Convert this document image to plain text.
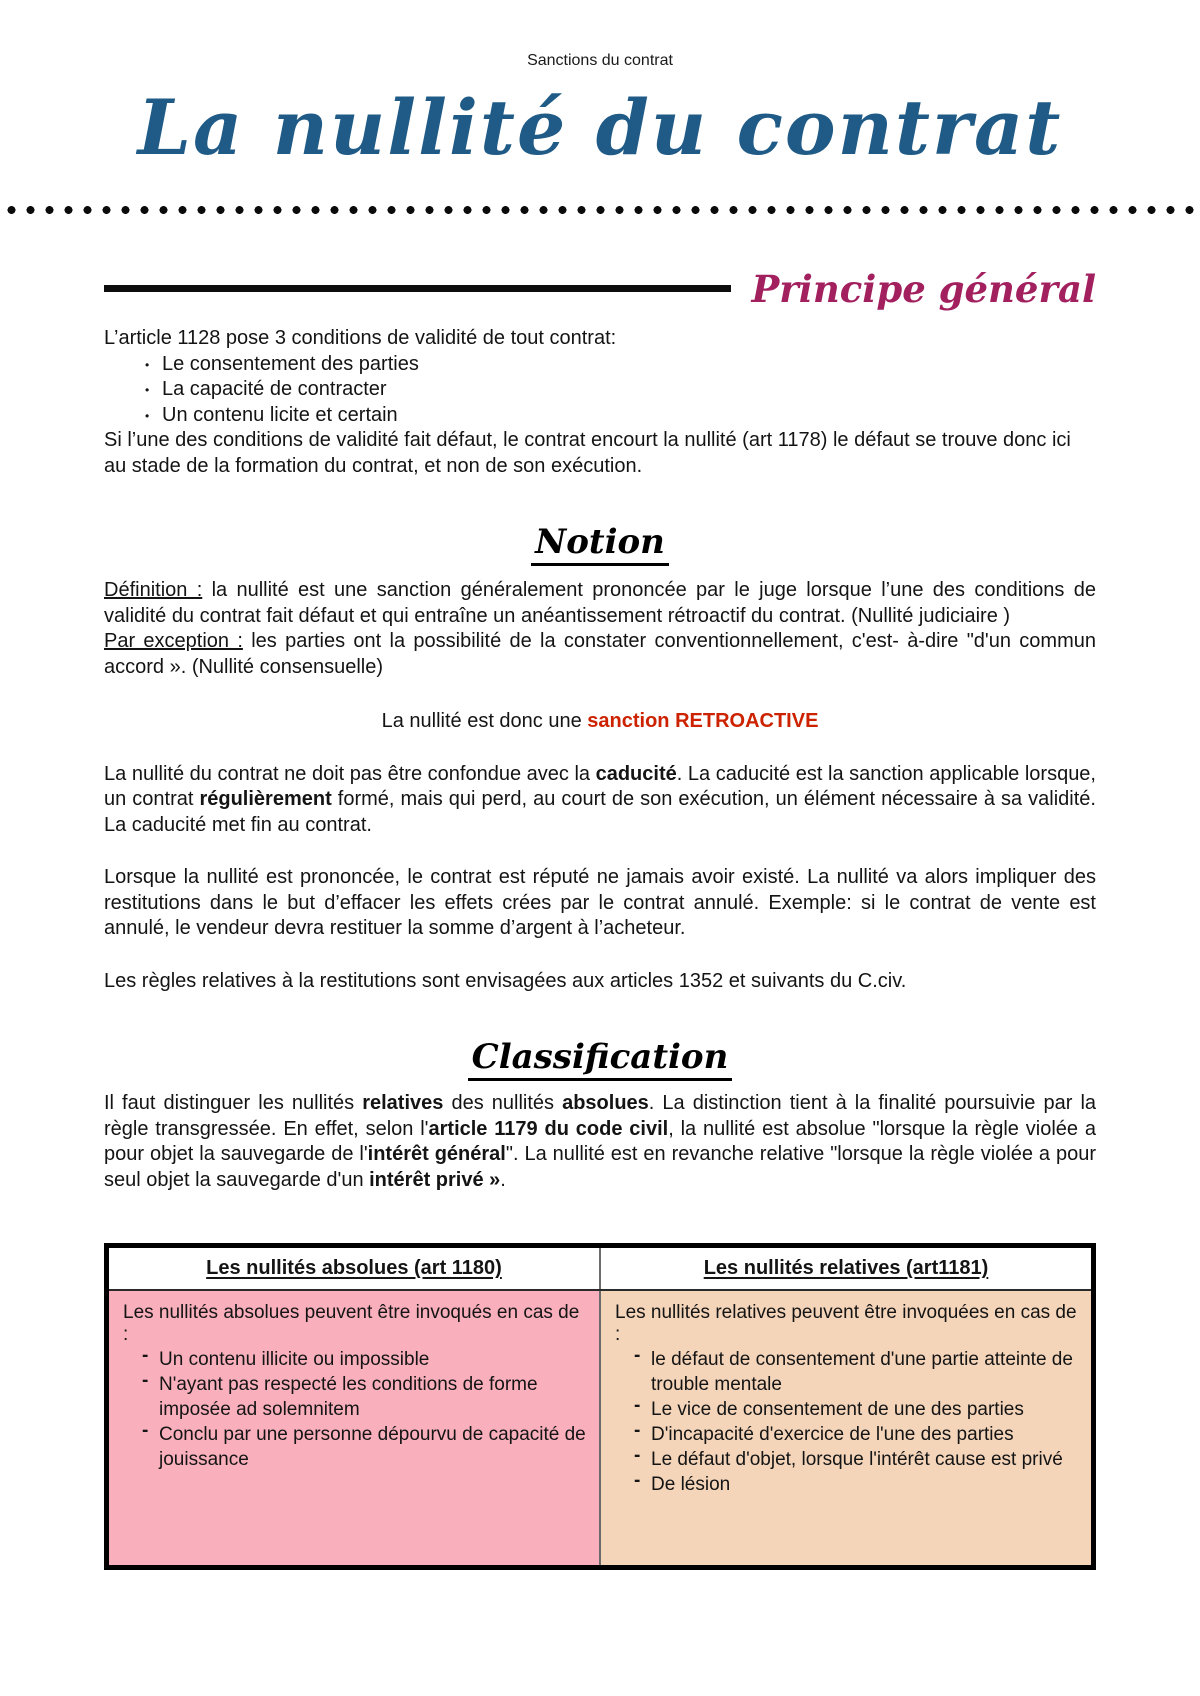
Sanctions du contrat
La nullité du contrat
Principe général

L’article 1128 pose 3 conditions de validité de tout contrat:

• Le consentement des parties
• La capacité de contracter
• Un contenu licite et certain

Si l’une des conditions de validité fait défaut, le contrat encourt la nullité (art 1178) le défaut se trouve donc ici au stade de la formation du contrat, et non de son exécution.

Notion

Définition : la nullité est une sanction généralement prononcée par le juge lorsque l’une des conditions de validité du contrat fait défaut et qui entraîne un anéantissement rétroactif du contrat. (Nullité judiciaire )

Par exception : les parties ont la possibilité de la constater conventionnellement, c'est- à-dire "d'un commun accord ». (Nullité consensuelle)

La nullité est donc une sanction RETROACTIVE

La nullité du contrat ne doit pas être confondue avec la caducité. La caducité est la sanction applicable lorsque, un contrat régulièrement formé, mais qui perd, au court de son exécution, un élément nécessaire à sa validité. La caducité met fin au contrat.

Lorsque la nullité est prononcée, le contrat est réputé ne jamais avoir existé. La nullité va alors impliquer des restitutions dans le but d’effacer les effets crées par le contrat annulé. Exemple: si le contrat de vente est annulé, le vendeur devra restituer la somme d’argent à l’acheteur.

Les règles relatives à la restitutions sont envisagées aux articles 1352 et suivants du C.civ.

Classification

Il faut distinguer les nullités relatives des nullités absolues. La distinction tient à la finalité poursuivie par la règle transgressée. En effet, selon l'article 1179 du code civil, la nullité est absolue "lorsque la règle violée a pour objet la sauvegarde de l'intérêt général". La nullité est en revanche relative "lorsque la règle violée a pour seul objet la sauvegarde d'un intérêt privé ».

Les nullités absolues (art 1180)	Les nullités relatives (art1181)

Les nullités absolues peuvent être invoqués en cas de :
- Un contenu illicite ou impossible
- N'ayant pas respecté les conditions de forme imposée ad solemnitem
- Conclu par une personne dépourvu de capacité de jouissance

Les nullités relatives peuvent être invoquées en cas de :
- le défaut de consentement d'une partie atteinte de trouble mentale
- Le vice de consentement de une des parties
- D'incapacité d'exercice de l'une des parties
- Le défaut d'objet, lorsque l'intérêt cause est privé
- De lésion
